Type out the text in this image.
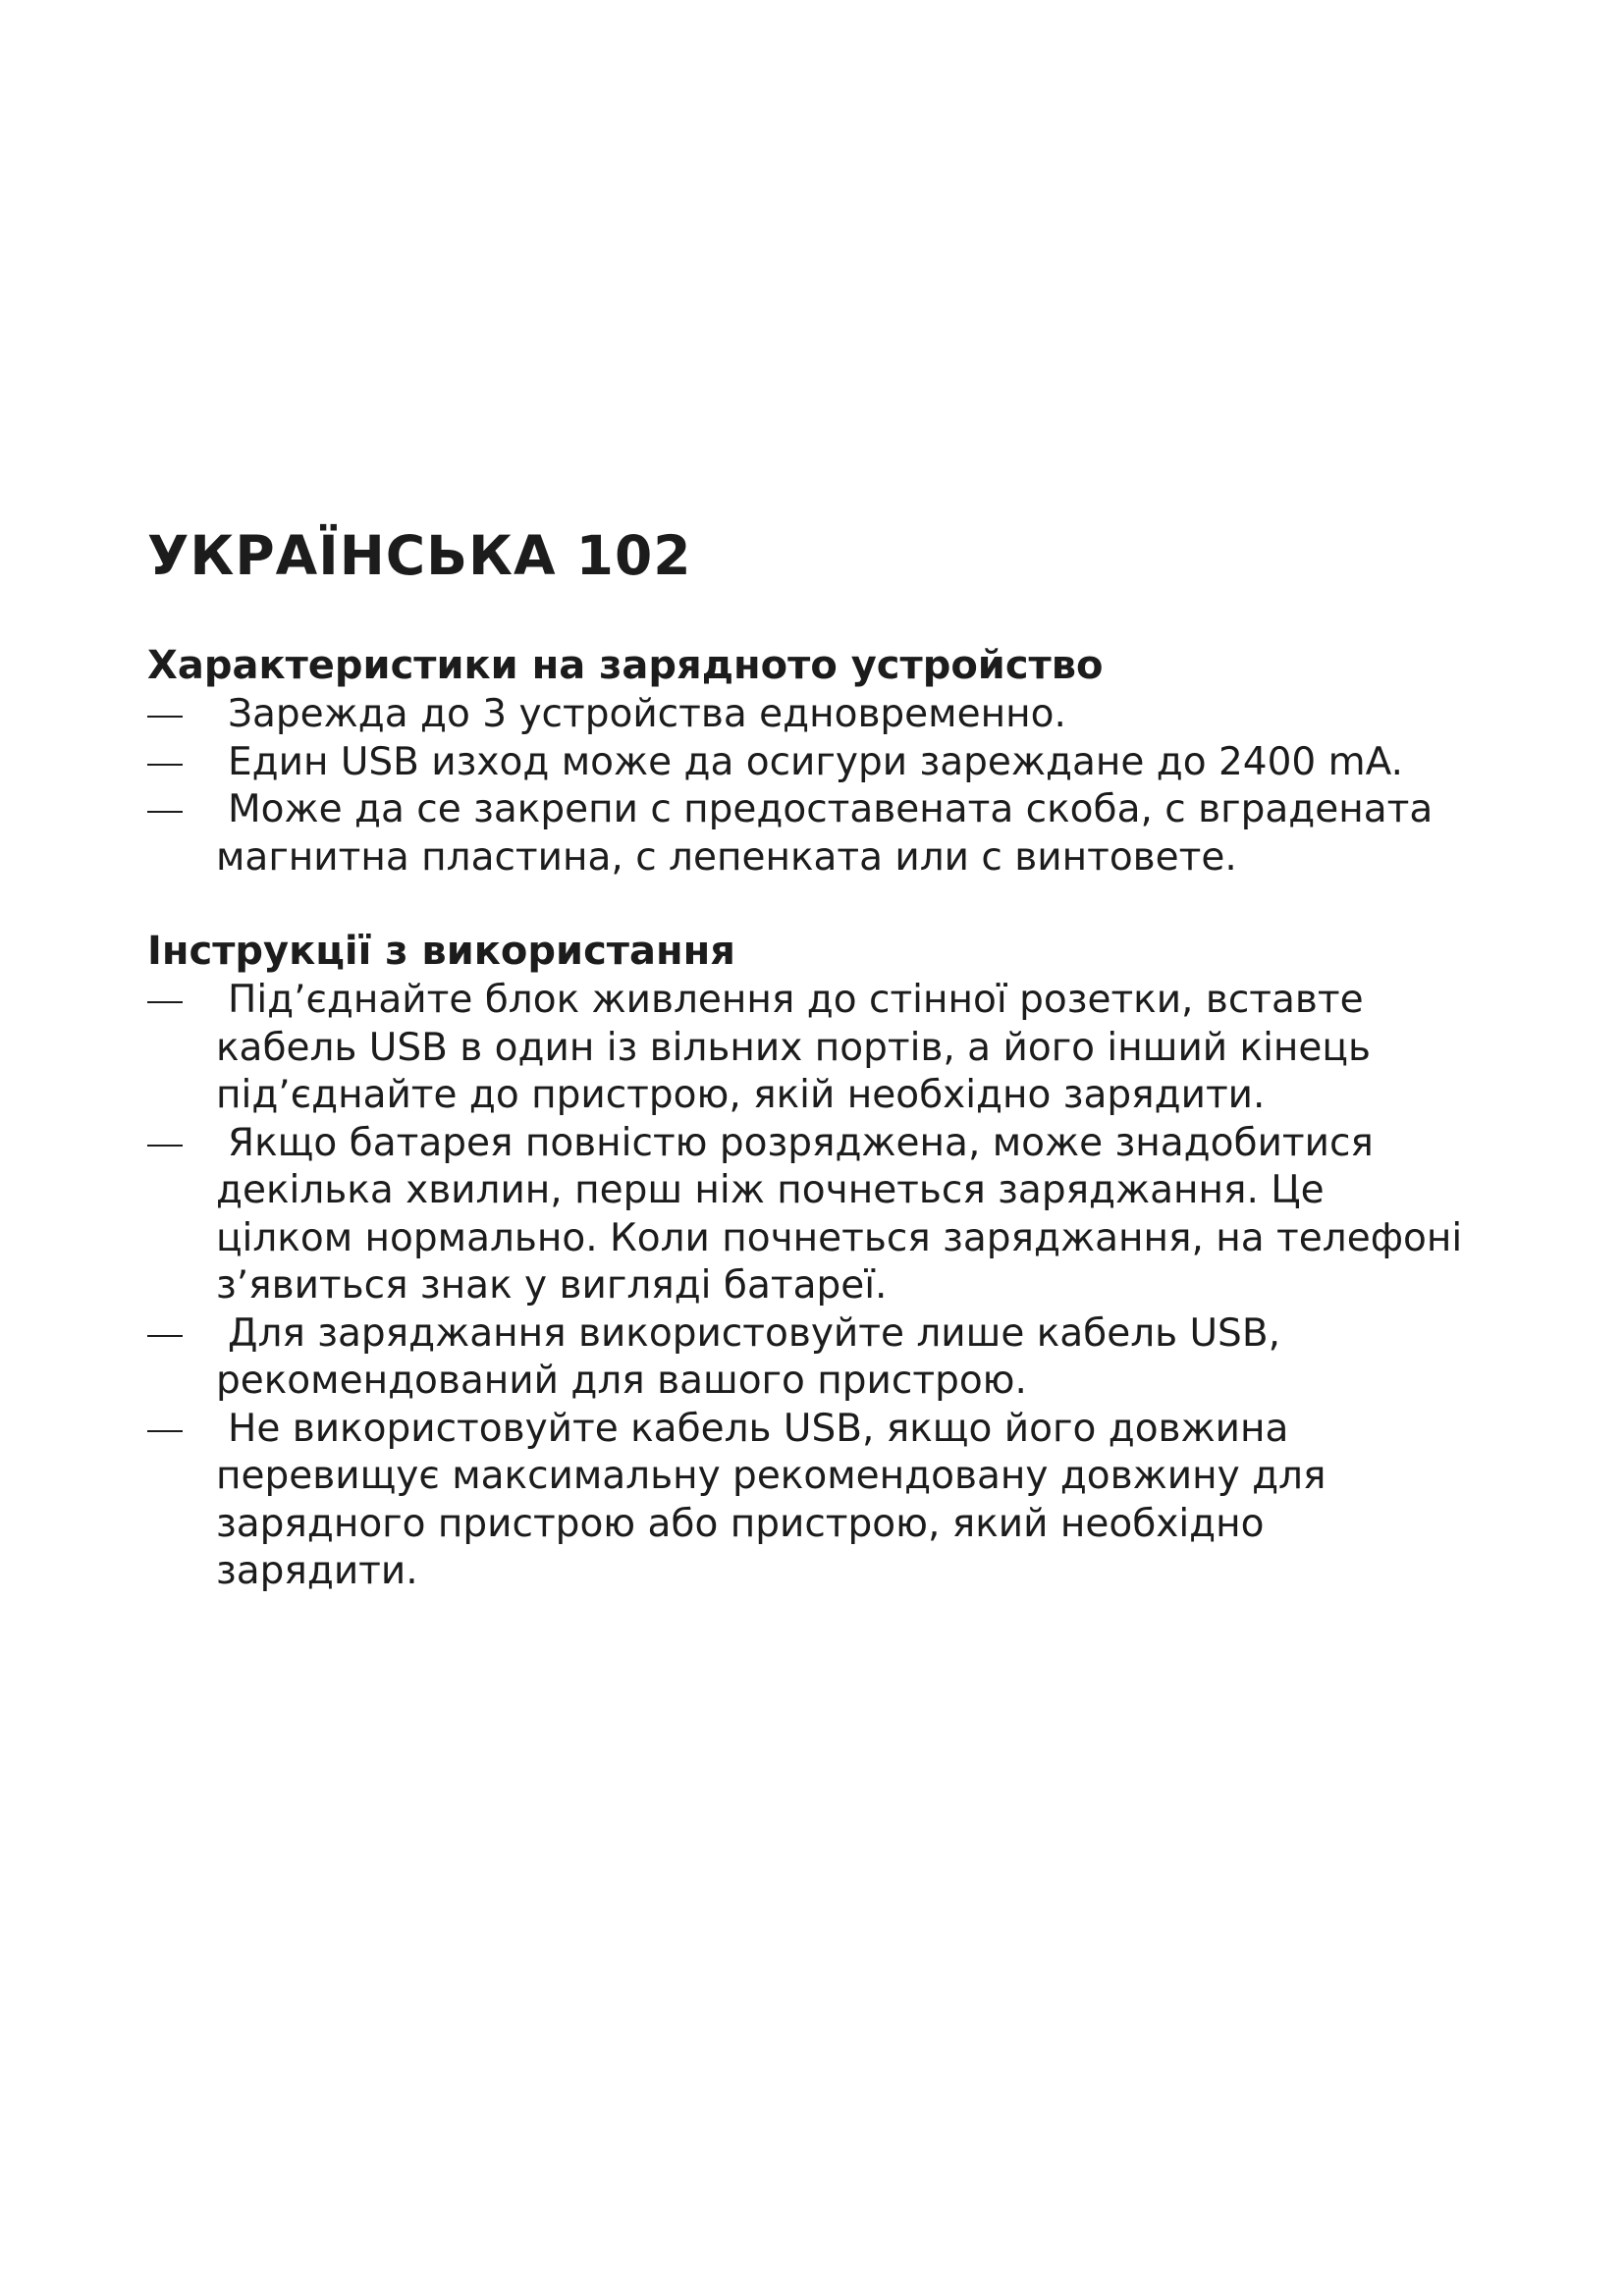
УКРАЇНСЬКА 102
Характеристики на зарядното устройство
Зарежда до 3 устройства едновременно.
Един USB изход може да осигури зареждане до 2400 mA.
Може да се закрепи с предоставената скоба, с вградената
магнитна пластина, с лепенката или с винтовете.
Інструкції з використання
Під’єднайте блок живлення до стінної розетки, вставте
кабель USB в один із вільних портів, а його інший кінець
під’єднайте до пристрою, якій необхідно зарядити.
Якщо батарея повністю розряджена, може знадобитися
декілька хвилин, перш ніж почнеться заряджання. Це
цілком нормально. Коли почнеться заряджання, на телефоні
з’явиться знак у вигляді батареї.
Для заряджання використовуйте лише кабель USB,
рекомендований для вашого пристрою.
Не використовуйте кабель USB, якщо його довжина
перевищує максимальну рекомендовану довжину для
зарядного пристрою або пристрою, який необхідно
зарядити.
